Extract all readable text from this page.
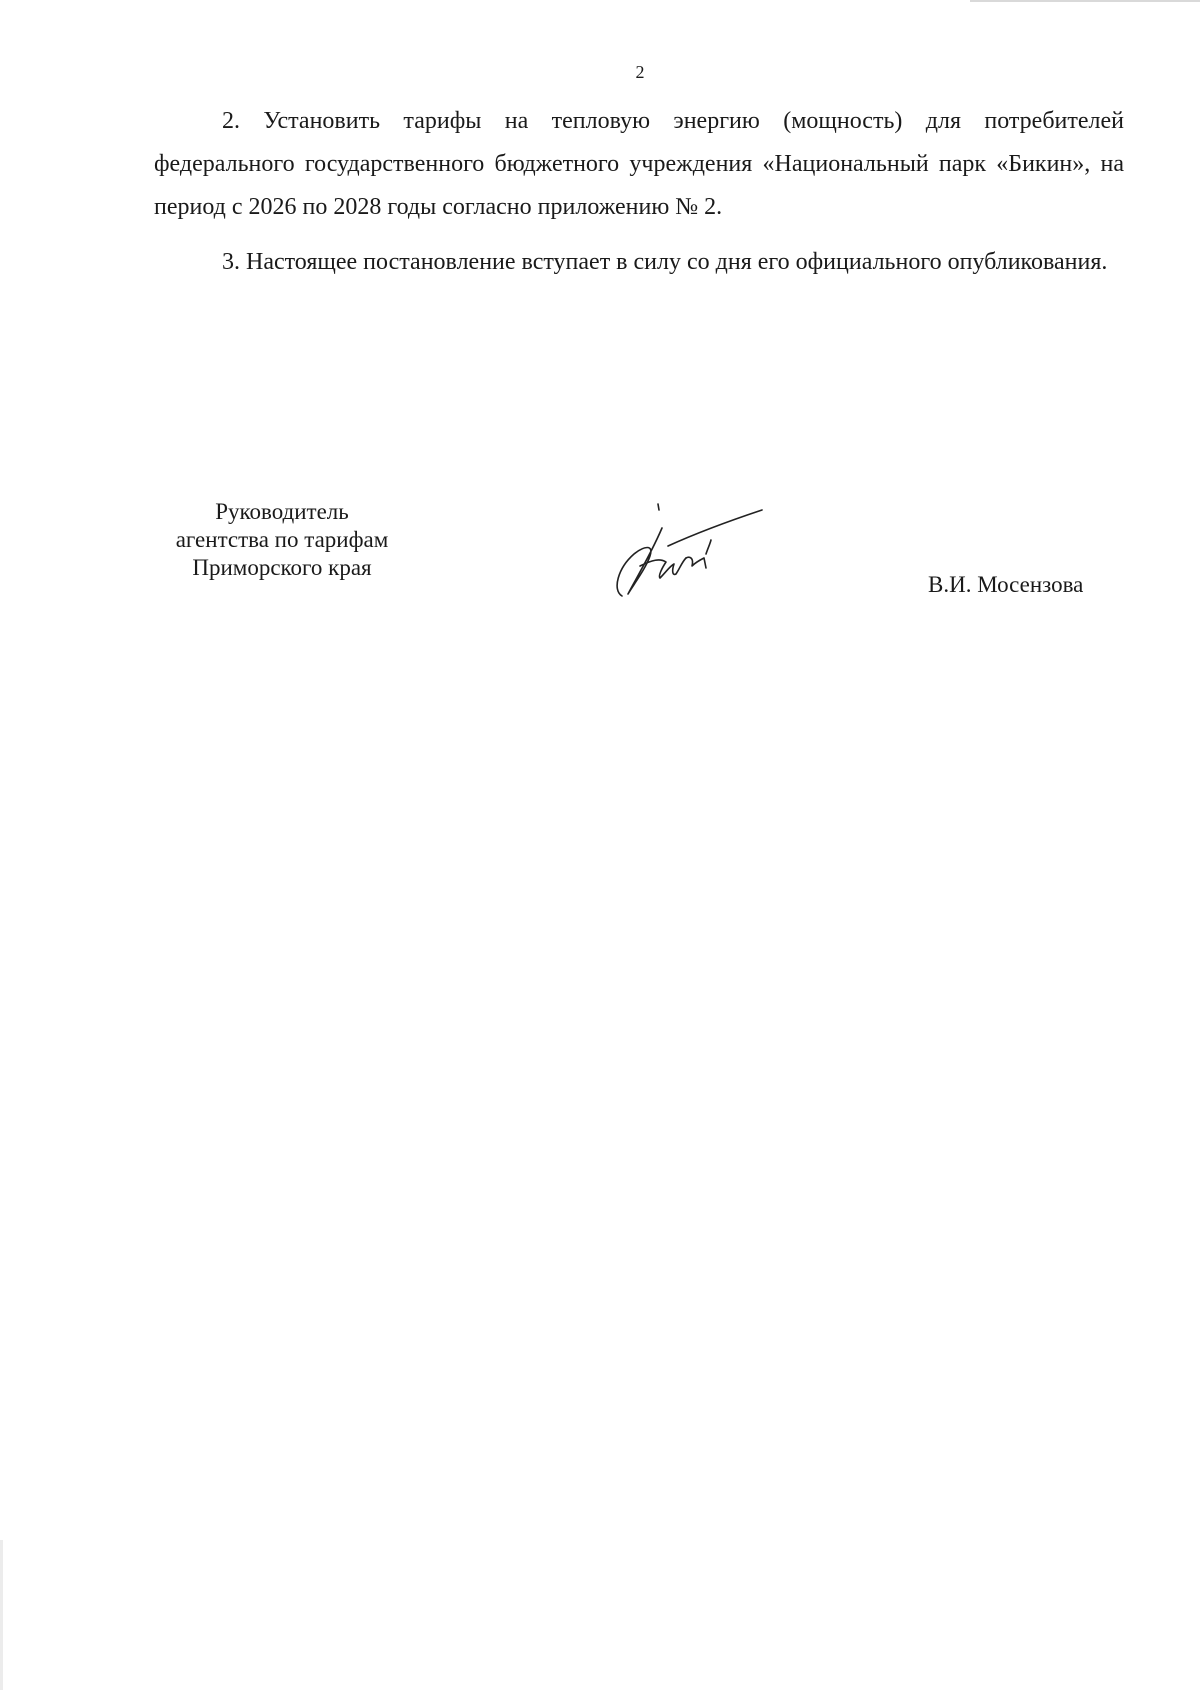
2

2. Установить тарифы на тепловую энергию (мощность) для потребителей федерального государственного бюджетного учреждения «Национальный парк «Бикин», на период с 2026 по 2028 годы согласно приложению № 2.

3. Настоящее постановление вступает в силу со дня его официального опубликования.

Руководитель
агентства по тарифам
Приморского края
В.И. Мосензова
